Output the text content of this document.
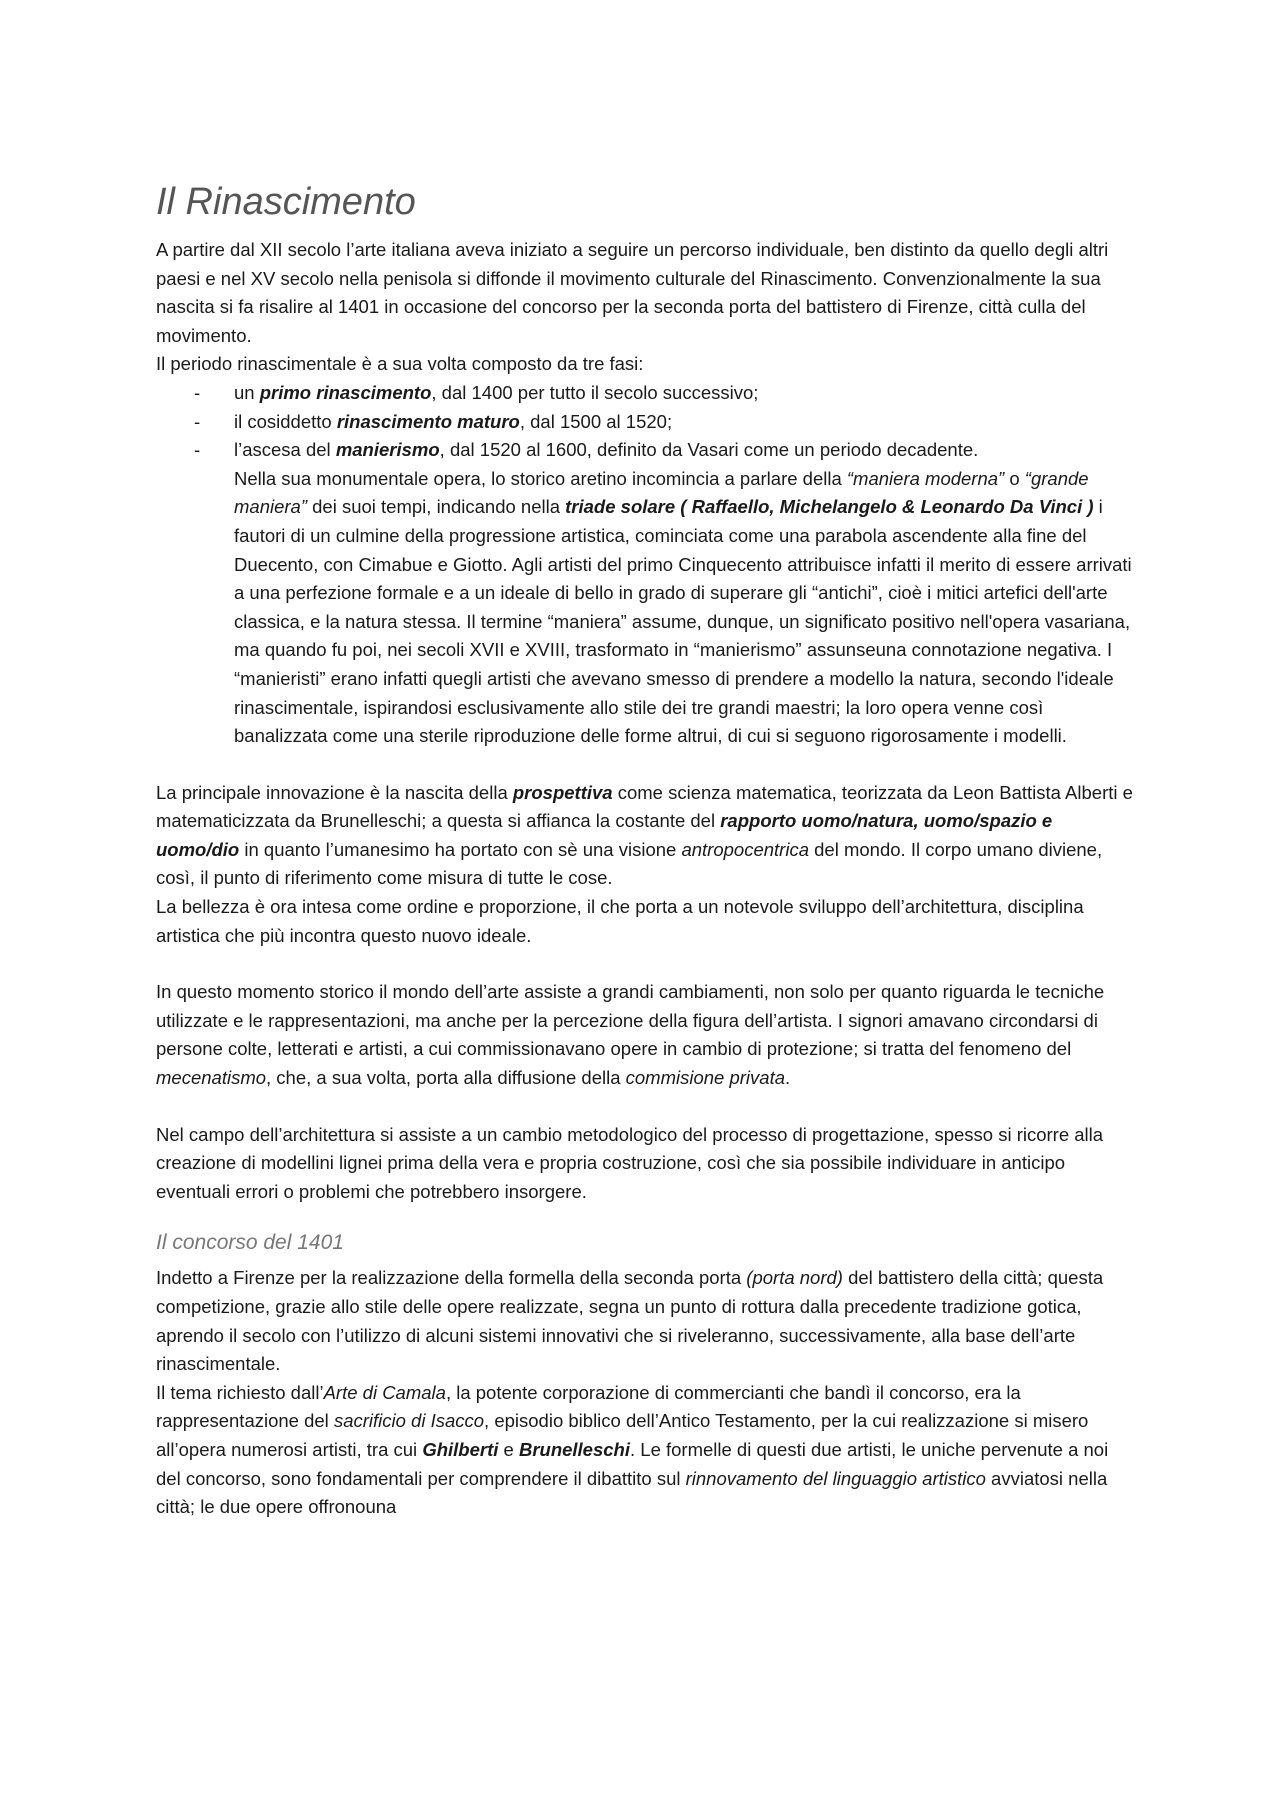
Il Rinascimento

A partire dal XII secolo l’arte italiana aveva iniziato a seguire un percorso individuale, ben distinto da quello degli altri paesi e nel XV secolo nella penisola si diffonde il movimento culturale del Rinascimento. Convenzionalmente la sua nascita si fa risalire al 1401 in occasione del concorso per la seconda porta del battistero di Firenze, città culla del movimento.

Il periodo rinascimentale è a sua volta composto da tre fasi:

- un primo rinascimento, dal 1400 per tutto il secolo successivo;
- il cosiddetto rinascimento maturo, dal 1500 al 1520;
- l’ascesa del manierismo, dal 1520 al 1600, definito da Vasari come un periodo decadente.

Nella sua monumentale opera, lo storico aretino incomincia a parlare della “maniera moderna” o “grande maniera” dei suoi tempi, indicando nella triade solare ( Raffaello, Michelangelo & Leonardo Da Vinci ) i fautori di un culmine della progressione artistica, cominciata come una parabola ascendente alla fine del Duecento, con Cimabue e Giotto. Agli artisti del primo Cinquecento attribuisce infatti il merito di essere arrivati a una perfezione formale e a un ideale di bello in grado di superare gli “antichi”, cioè i mitici artefici dell'arte classica, e la natura stessa. Il termine “maniera” assume, dunque, un significato positivo nell'opera vasariana, ma quando fu poi, nei secoli XVII e XVIII, trasformato in “manierismo” assunseuna connotazione negativa. I “manieristi” erano infatti quegli artisti che avevano smesso di prendere a modello la natura, secondo l'ideale rinascimentale, ispirandosi esclusivamente allo stile dei tre grandi maestri; la loro opera venne così banalizzata come una sterile riproduzione delle forme altrui, di cui si seguono rigorosamente i modelli.

La principale innovazione è la nascita della prospettiva come scienza matematica, teorizzata da Leon Battista Alberti e matematicizzata da Brunelleschi; a questa si affianca la costante del rapporto uomo/natura, uomo/spazio e uomo/dio in quanto l’umanesimo ha portato con sè una visione antropocentrica del mondo. Il corpo umano diviene, così, il punto di riferimento come misura di tutte le cose.

La bellezza è ora intesa come ordine e proporzione, il che porta a un notevole sviluppo dell’architettura, disciplina artistica che più incontra questo nuovo ideale.

In questo momento storico il mondo dell’arte assiste a grandi cambiamenti, non solo per quanto riguarda le tecniche utilizzate e le rappresentazioni, ma anche per la percezione della figura dell’artista. I signori amavano circondarsi di persone colte, letterati e artisti, a cui commissionavano opere in cambio di protezione; si tratta del fenomeno del mecenatismo, che, a sua volta, porta alla diffusione della commisione privata.

Nel campo dell’architettura si assiste a un cambio metodologico del processo di progettazione, spesso si ricorre alla creazione di modellini lignei prima della vera e propria costruzione, così che sia possibile individuare in anticipo eventuali errori o problemi che potrebbero insorgere.

Il concorso del 1401

Indetto a Firenze per la realizzazione della formella della seconda porta (porta nord) del battistero della città; questa competizione, grazie allo stile delle opere realizzate, segna un punto di rottura dalla precedente tradizione gotica, aprendo il secolo con l’utilizzo di alcuni sistemi innovativi che si riveleranno, successivamente, alla base dell’arte rinascimentale.

Il tema richiesto dall’Arte di Camala, la potente corporazione di commercianti che bandì il concorso, era la rappresentazione del sacrificio di Isacco, episodio biblico dell’Antico Testamento, per la cui realizzazione si misero all’opera numerosi artisti, tra cui Ghilberti e Brunelleschi. Le formelle di questi due artisti, le uniche pervenute a noi del concorso, sono fondamentali per comprendere il dibattito sul rinnovamento del linguaggio artistico avviatosi nella città; le due opere offronouna
